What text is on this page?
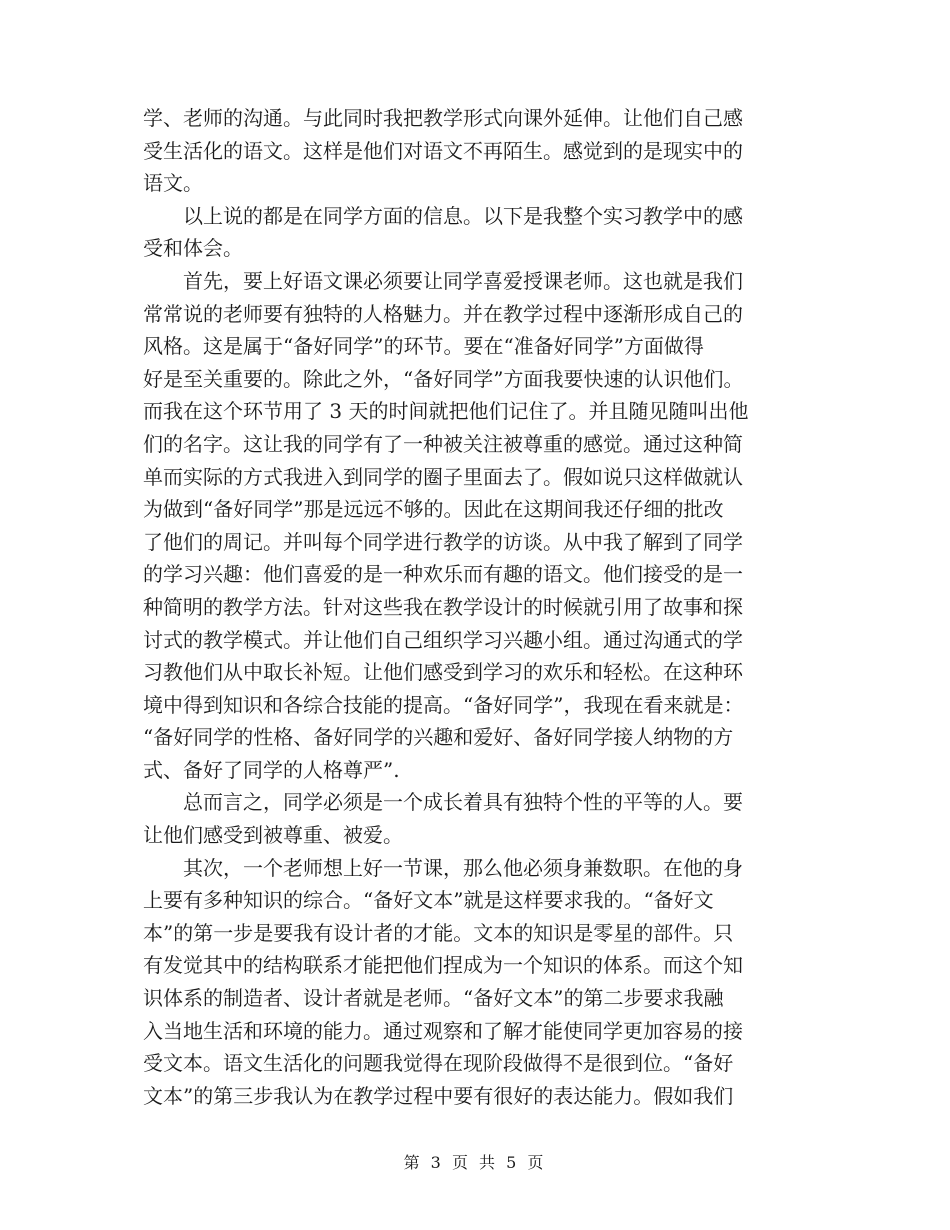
学、老师的沟通。与此同时我把教学形式向课外延伸。让他们自己感
受生活化的语文。这样是他们对语文不再陌生。感觉到的是现实中的
语文。
　　以上说的都是在同学方面的信息。以下是我整个实习教学中的感
受和体会。
　　首先，要上好语文课必须要让同学喜爱授课老师。这也就是我们
常常说的老师要有独特的人格魅力。并在教学过程中逐渐形成自己的
风格。这是属于“备好同学”的环节。要在“准备好同学”方面做得
好是至关重要的。除此之外，“备好同学”方面我要快速的认识他们。
而我在这个环节用了 3 天的时间就把他们记住了。并且随见随叫出他
们的名字。这让我的同学有了一种被关注被尊重的感觉。通过这种简
单而实际的方式我进入到同学的圈子里面去了。假如说只这样做就认
为做到“备好同学”那是远远不够的。因此在这期间我还仔细的批改
了他们的周记。并叫每个同学进行教学的访谈。从中我了解到了同学
的学习兴趣：他们喜爱的是一种欢乐而有趣的语文。他们接受的是一
种简明的教学方法。针对这些我在教学设计的时候就引用了故事和探
讨式的教学模式。并让他们自己组织学习兴趣小组。通过沟通式的学
习教他们从中取长补短。让他们感受到学习的欢乐和轻松。在这种环
境中得到知识和各综合技能的提高。“备好同学”，我现在看来就是：
“备好同学的性格、备好同学的兴趣和爱好、备好同学接人纳物的方
式、备好了同学的人格尊严”.
　　总而言之，同学必须是一个成长着具有独特个性的平等的人。要
让他们感受到被尊重、被爱。
　　其次，一个老师想上好一节课，那么他必须身兼数职。在他的身
上要有多种知识的综合。“备好文本”就是这样要求我的。“备好文
本”的第一步是要我有设计者的才能。文本的知识是零星的部件。只
有发觉其中的结构联系才能把他们捏成为一个知识的体系。而这个知
识体系的制造者、设计者就是老师。“备好文本”的第二步要求我融
入当地生活和环境的能力。通过观察和了解才能使同学更加容易的接
受文本。语文生活化的问题我觉得在现阶段做得不是很到位。“备好
文本”的第三步我认为在教学过程中要有很好的表达能力。假如我们
第 3 页 共 5 页
